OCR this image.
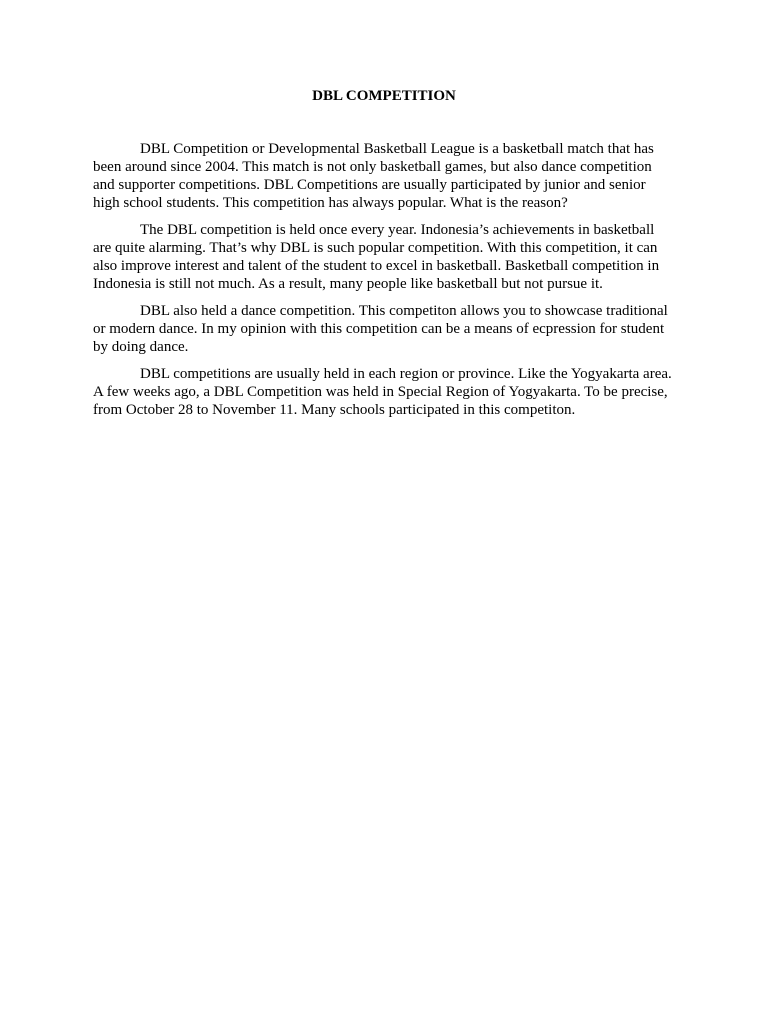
DBL COMPETITION

DBL Competition or Developmental Basketball League is a basketball match that has been around since 2004. This match is not only basketball games, but also dance competition and supporter competitions. DBL Competitions are usually participated by junior and senior high school students. This competition has always popular. What is the reason?

The DBL competition is held once every year. Indonesia’s achievements in basketball are quite alarming. That’s why DBL is such popular competition. With this competition, it can also improve interest and talent of the student to excel in basketball. Basketball competition in Indonesia is still not much. As a result, many people like basketball but not pursue it.

DBL also held a dance competition. This competiton allows you to showcase traditional or modern dance. In my opinion with this competition can be a means of ecpression for student by doing dance.

DBL competitions are usually held in each region or province. Like the Yogyakarta area. A few weeks ago, a DBL Competition was held in Special Region of Yogyakarta. To be precise, from October 28 to November 11. Many schools participated in this competiton.
